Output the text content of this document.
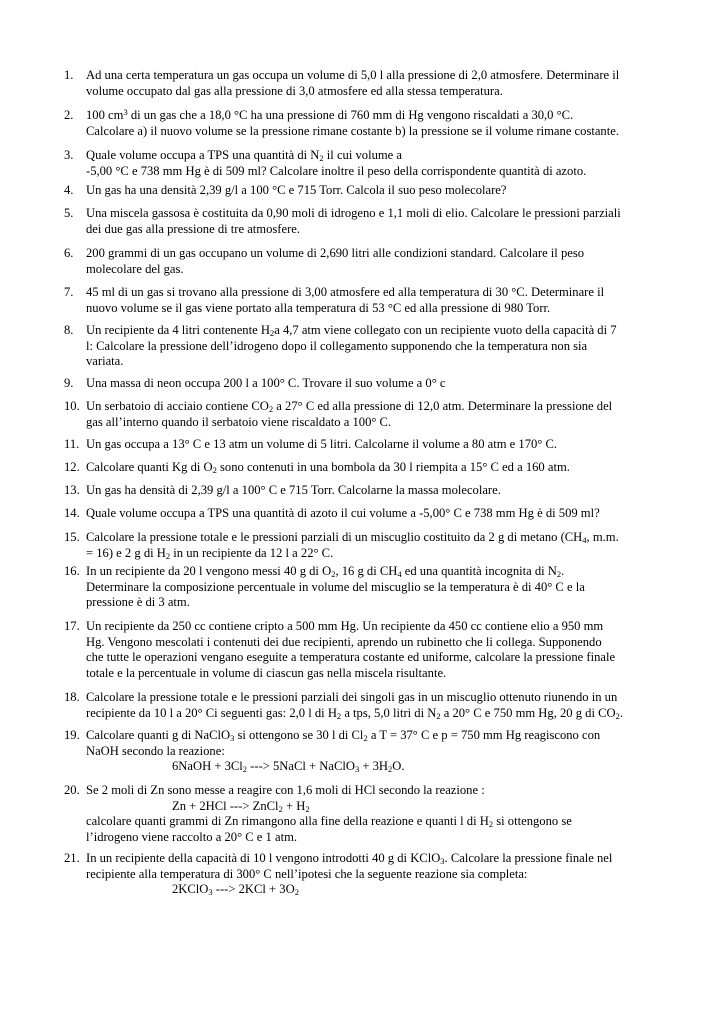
1. Ad una certa temperatura un gas occupa un volume di 5,0 l alla pressione di 2,0 atmosfere. Determinare il
volume occupato dal gas alla pressione di 3,0 atmosfere ed alla stessa temperatura.
2. 100 $cm^3$ di un gas che a 18,0 °C ha una pressione di 760 mm di Hg vengono riscaldati a 30,0 °C.
Calcolare a) il nuovo volume se la pressione rimane costante b) la pressione se il volume rimane costante.
3. Quale volume occupa a TPS una quantità di $N_2$ il cui volume a
-5,00 °C e 738 mm Hg è di 509 ml? Calcolare inoltre il peso della corrispondente quantità di azoto.
4. Un gas ha una densità 2,39 g/l a 100 °C e 715 Torr. Calcola il suo peso molecolare?
5. Una miscela gassosa è costituita da 0,90 moli di idrogeno e 1,1 moli di elio. Calcolare le pressioni parziali
dei due gas alla pressione di tre atmosfere.
6. 200 grammi di un gas occupano un volume di 2,690 litri alle condizioni standard. Calcolare il peso
molecolare del gas.
7. 45 ml di un gas si trovano alla pressione di 3,00 atmosfere ed alla temperatura di 30 °C. Determinare il
nuovo volume se il gas viene portato alla temperatura di 53 °C ed alla pressione di 980 Torr.
8. Un recipiente da 4 litri contenente $H_2a$ 4,7 atm viene collegato con un recipiente vuoto della capacità di 7
l: Calcolare la pressione dell’idrogeno dopo il collegamento supponendo che la temperatura non sia
variata.
9. Una massa di neon occupa 200 l a 100° C. Trovare il suo volume a 0° c
10. Un serbatoio di acciaio contiene $CO_2$ a 27° C ed alla pressione di 12,0 atm. Determinare la pressione del
gas all’interno quando il serbatoio viene riscaldato a 100° C.
11. Un gas occupa a 13° C e 13 atm un volume di 5 litri. Calcolarne il volume a 80 atm e 170° C.
12. Calcolare quanti Kg di $O_2$ sono contenuti in una bombola da 30 l riempita a 15° C ed a 160 atm.
13. Un gas ha densità di 2,39 g/l a 100° C e 715 Torr. Calcolarne la massa molecolare.
14. Quale volume occupa a TPS una quantità di azoto il cui volume a -5,00° C e 738 mm Hg è di 509 ml?
15. Calcolare la pressione totale e le pressioni parziali di un miscuglio costituito da 2 g di metano ($CH_4$, m.m.
= 16) e 2 g di $H_2$ in un recipiente da 12 l a 22° C.
16. In un recipiente da 20 l vengono messi 40 g di $O_2$, 16 g di $CH_4$ ed una quantità incognita di $N_2$.
Determinare la composizione percentuale in volume del miscuglio se la temperatura è di 40° C e la
pressione è di 3 atm.
17. Un recipiente da 250 cc contiene cripto a 500 mm Hg. Un recipiente da 450 cc contiene elio a 950 mm
Hg. Vengono mescolati i contenuti dei due recipienti, aprendo un rubinetto che li collega. Supponendo
che tutte le operazioni vengano eseguite a temperatura costante ed uniforme, calcolare la pressione finale
totale e la percentuale in volume di ciascun gas nella miscela risultante.
18. Calcolare la pressione totale e le pressioni parziali dei singoli gas in un miscuglio ottenuto riunendo in un
recipiente da 10 l a 20° Ci seguenti gas: 2,0 l di $H_2$ a tps, 5,0 litri di $N_2$ a 20° C e 750 mm Hg, 20 g di $CO_2$.
19. Calcolare quanti g di NaClO$_3$ si ottengono se 30 l di $Cl_2$ a T = 37° C e p = 750 mm Hg reagiscono con
NaOH secondo la reazione:
6NaOH + $3Cl_2$ ---> 5NaCl + NaClO$_3$ + $3H_2O$.
20. Se 2 moli di Zn sono messe a reagire con 1,6 moli di HCl secondo la reazione :
Zn + 2HCl ---> ZnCl$_2$ + $H_2$
calcolare quanti grammi di Zn rimangono alla fine della reazione e quanti l di $H_2$ si ottengono se
l’idrogeno viene raccolto a 20° C e 1 atm.
21. In un recipiente della capacità di 10 l vengono introdotti 40 g di KClO$_3$. Calcolare la pressione finale nel
recipiente alla temperatura di 300° C nell’ipotesi che la seguente reazione sia completa:
2KClO$_3$ ---> $2KCl + 3O_2$
